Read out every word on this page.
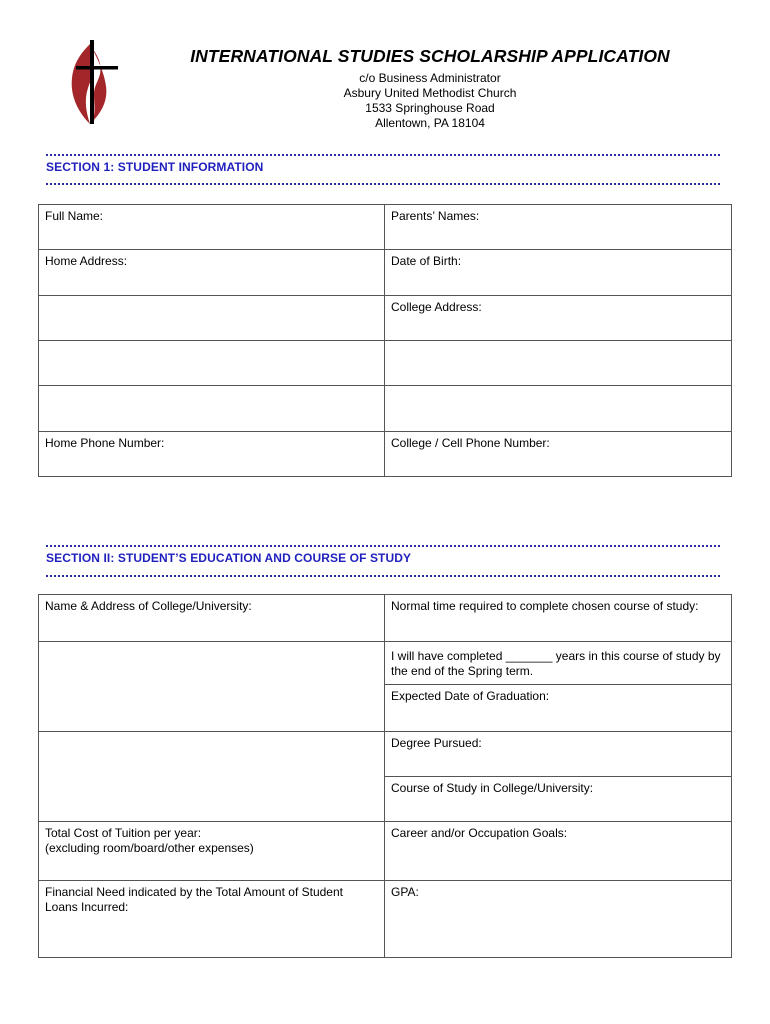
INTERNATIONAL STUDIES SCHOLARSHIP APPLICATION
c/o Business Administrator
Asbury United Methodist Church
1533 Springhouse Road
Allentown, PA 18104
SECTION 1: STUDENT INFORMATION
Full Name:	Parents’ Names:
Home Address:	Date of Birth:
	College Address:

Home Phone Number:	College / Cell Phone Number:
SECTION II: STUDENT’S EDUCATION AND COURSE OF STUDY
Name & Address of College/University:	Normal time required to complete chosen course of study:
	I will have completed _______ years in this course of study by the end of the Spring term.
	Expected Date of Graduation:
	Degree Pursued:
	Course of Study in College/University:
Total Cost of Tuition per year:
(excluding room/board/other expenses)	Career and/or Occupation Goals:
Financial Need indicated by the Total Amount of Student Loans Incurred:	GPA:
